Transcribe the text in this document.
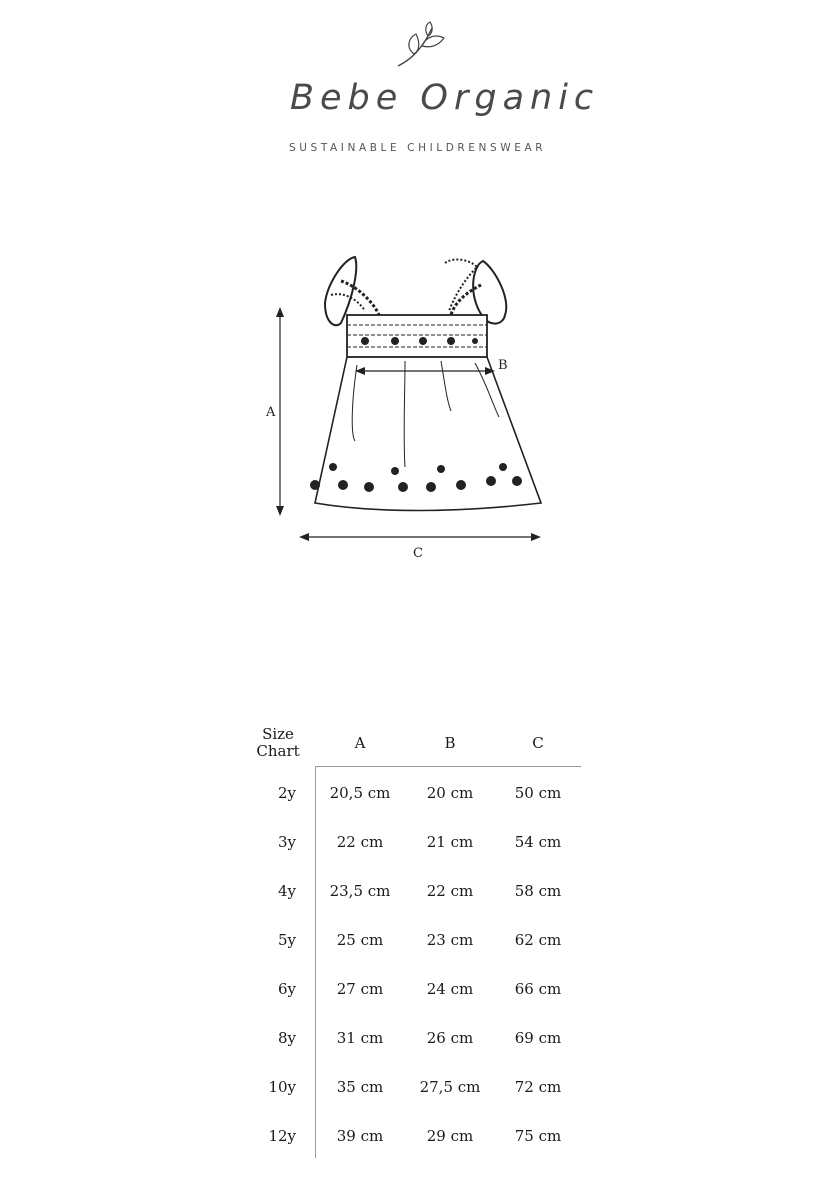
Bebe Organic
SUSTAINABLE CHILDRENSWEAR
A
C
B
Size
Chart	A	B	C
2y	20,5 cm	20 cm	50 cm
3y	22 cm	21 cm	54 cm
4y	23,5 cm	22 cm	58 cm
5y	25 cm	23 cm	62 cm
6y	27 cm	24 cm	66 cm
8y	31 cm	26 cm	69 cm
10y	35 cm	27,5 cm	72 cm
12y	39 cm	29 cm	75 cm
